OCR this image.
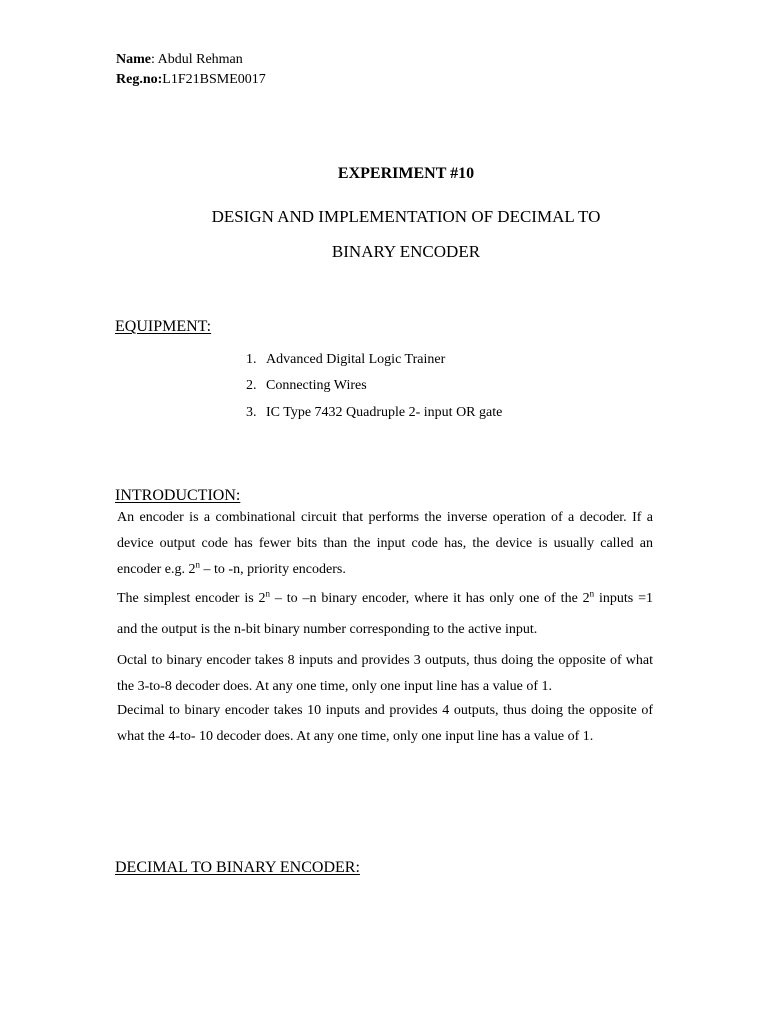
Name: Abdul Rehman
Reg.no:L1F21BSME0017
EXPERIMENT #10
DESIGN AND IMPLEMENTATION OF DECIMAL TO
BINARY ENCODER
EQUIPMENT:
1. Advanced Digital Logic Trainer
2. Connecting Wires
3. IC Type 7432 Quadruple 2- input OR gate
INTRODUCTION:
An encoder is a combinational circuit that performs the inverse operation of a decoder. If a
device output code has fewer bits than the input code has, the device is usually called an
encoder e.g. 2$^n$ – to -n, priority encoders.
The simplest encoder is 2$^n$ – to –n binary encoder, where it has only one of the 2$^n$ inputs =1
and the output is the n-bit binary number corresponding to the active input.
Octal to binary encoder takes 8 inputs and provides 3 outputs, thus doing the opposite of what
the 3-to-8 decoder does. At any one time, only one input line has a value of 1.
Decimal to binary encoder takes 10 inputs and provides 4 outputs, thus doing the opposite of
what the 4-to- 10 decoder does. At any one time, only one input line has a value of 1.
DECIMAL TO BINARY ENCODER:
